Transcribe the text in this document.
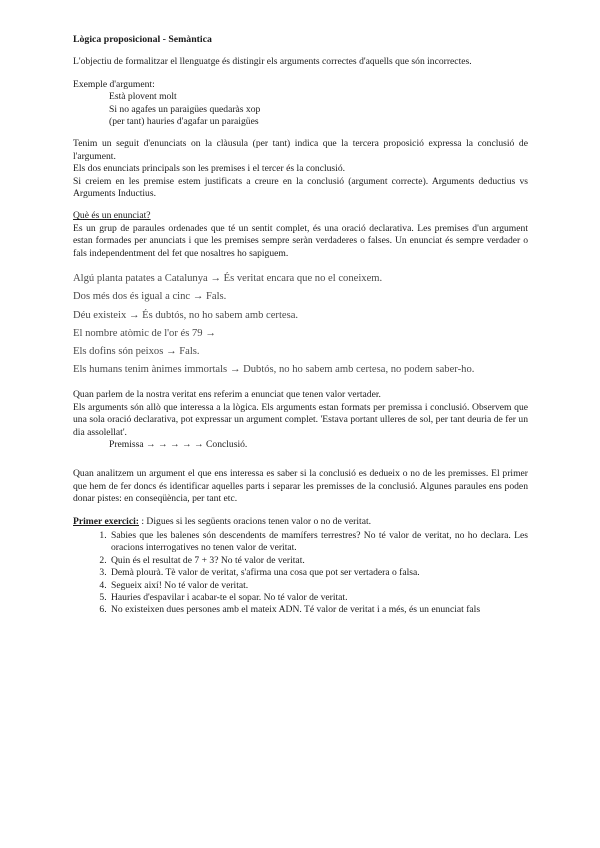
Lògica proposicional - Semàntica

L'objectiu de formalitzar el llenguatge és distingir els arguments correctes d'aquells que són incorrectes.

Exemple d'argument:
Està plovent molt
Si no agafes un paraigües quedaràs xop
(per tant) hauries d'agafar un paraigües

Tenim un seguit d'enunciats on la clàusula (per tant) indica que la tercera proposició expressa la conclusió de l'argument.

Els dos enunciats principals son les premises i el tercer és la conclusió.

Si creiem en les premise estem justificats a creure en la conclusió (argument correcte). Arguments deductius vs Arguments Inductius.

Què és un enunciat?

Es un grup de paraules ordenades que té un sentit complet, és una oració declarativa. Les premises d'un argument estan formades per anunciats i que les premises sempre seràn verdaderes o falses. Un enunciat és sempre verdader o fals independentment del fet que nosaltres ho sapiguem.

Algú planta patates a Catalunya → És veritat encara que no el coneixem.
Dos més dos és igual a cinc → Fals.
Déu existeix → És dubtós, no ho sabem amb certesa.
El nombre atòmic de l'or és 79 →
Els dofins són peixos → Fals.
Els humans tenim ànimes immortals → Dubtós, no ho sabem amb certesa, no podem saber-ho.

Quan parlem de la nostra veritat ens referim a enunciat que tenen valor vertader.

Els arguments són allò que interessa a la lògica. Els arguments estan formats per premissa i conclusió. Observem que una sola oració declarativa, pot expressar un argument complet. 'Estava portant ulleres de sol, per tant deuria de fer un dia assolellat'.

Premissa → → → → → Conclusió.

Quan analitzem un argument el que ens interessa es saber si la conclusió es dedueix o no de les premisses. El primer que hem de fer doncs és identificar aquelles parts i separar les premisses de la conclusió. Algunes paraules ens poden donar pistes: en conseqüència, per tant etc.

Primer exercici: : Digues si les següents oracions tenen valor o no de veritat.
1. Sabies que les balenes són descendents de mamífers terrestres? No té valor de veritat, no ho declara. Les oracions interrogatives no tenen valor de veritat.
2. Quin és el resultat de 7 + 3? No té valor de veritat.
3. Demà plourà. Tè valor de veritat, s'afirma una cosa que pot ser vertadera o falsa.
4. Segueix així! No té valor de veritat.
5. Hauries d'espavilar i acabar-te el sopar. No té valor de veritat.
6. No existeixen dues persones amb el mateix ADN. Té valor de veritat i a més, és un enunciat fals
